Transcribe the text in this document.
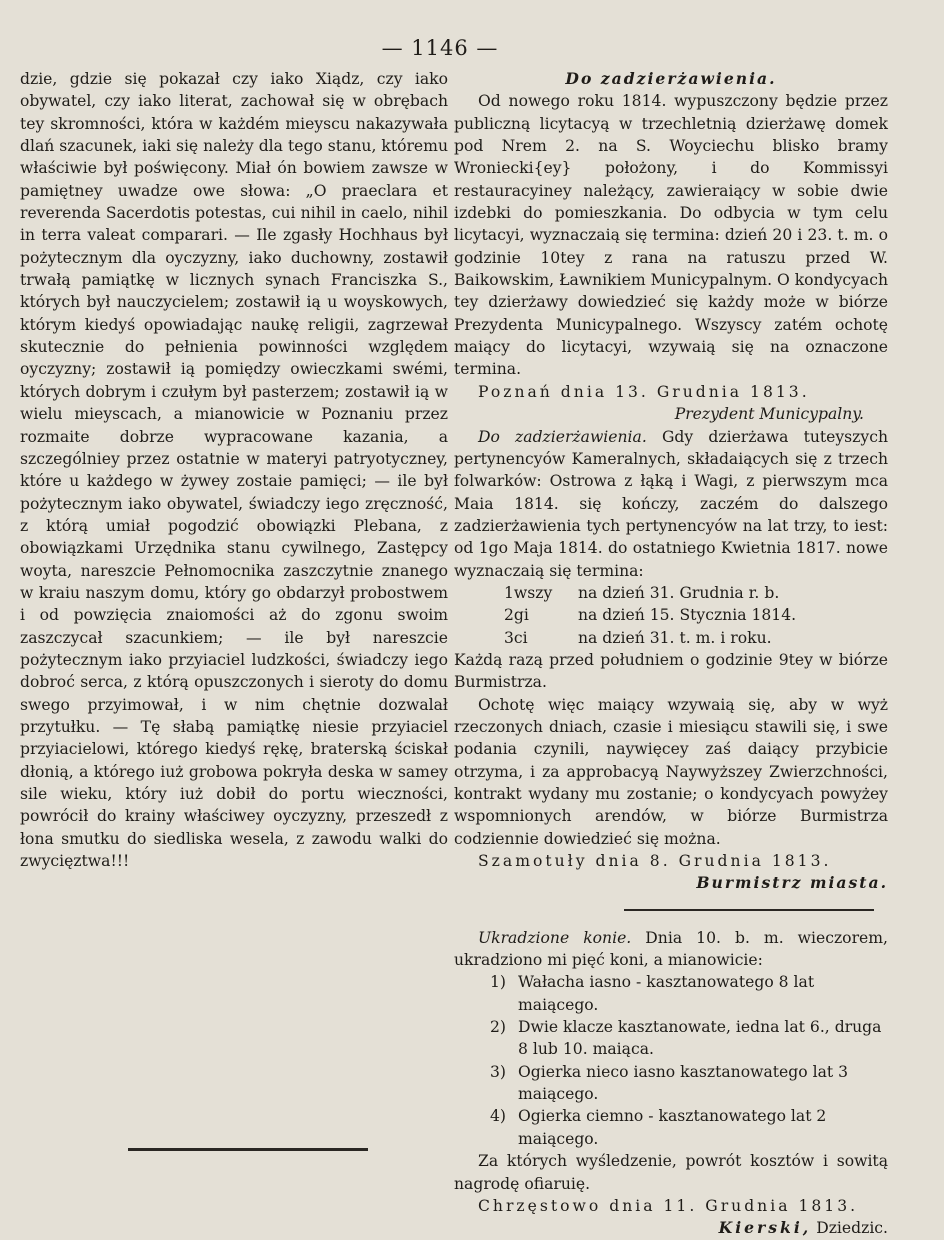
— 1146 —

dzie, gdzie się pokazał czy iako Xiądz, czy iako obywatel, czy iako literat, zachował się w obrębach tey skromności, która w każdém mieyscu nakazywała dlań szacunek, iaki się należy dla tego stanu, któremu właściwie był poświęcony. Miał ón bowiem zawsze w pamiętney uwadze owe słowa: „O praeclara et reverenda Sacerdotis potestas, cui nihil in caelo, nihil in terra valeat comparari. — Ile zgasły Hochhaus był pożytecznym dla oyczyzny, iako duchowny, zostawił trwałą pamiątkę w licznych synach Franciszka S., których był nauczycielem; zostawił ią u woyskowych, którym kiedyś opowiadając naukę religii, zagrzewał skutecznie do pełnienia powinności względem oyczyzny; zostawił ią pomiędzy owieczkami swémi, których dobrym i czułym był pasterzem; zostawił ią w wielu mieyscach, a mianowicie w Poznaniu przez rozmaite dobrze wypracowane kazania, a szczególniey przez ostatnie w materyi patryotyczney, które u każdego w żywey zostaie pamięci; — ile był pożytecznym iako obywatel, świadczy iego zręczność, z którą umiał pogodzić obowiązki Plebana, z obowiązkami Urzędnika stanu cywilnego, Zastępcy woyta, nareszcie Pełnomocnika zaszczytnie znanego w kraiu naszym domu, który go obdarzył probostwem i od powzięcia znaiomości aż do zgonu swoim zaszczycał szacunkiem; — ile był nareszcie pożytecznym iako przyiaciel ludzkości, świadczy iego dobroć serca, z którą opuszczonych i sieroty do domu swego przyimował, i w nim chętnie dozwalał przytułku. — Tę słabą pamiątkę niesie przyiaciel przyiacielowi, którego kiedyś rękę, braterską ściskał dłonią, a którego iuż grobowa pokryła deska w samey sile wieku, który iuż dobił do portu wieczności, powrócił do krainy właściwey oyczyzny, przeszedł z łona smutku do siedliska wesela, z zawodu walki do zwycięztwa!!!

Do zadzierżawienia.

Od nowego roku 1814. wypuszczony będzie przez publiczną licytacyą w trzechletnią dzierżawę domek pod Nrem 2. na S. Woyciechu blisko bramy Wroniecki{ey} położony, i do Kommissyi restauracyiney należący, zawieraiący w sobie dwie izdebki do pomieszkania. Do odbycia w tym celu licytacyi, wyznaczaią się termina: dzień 20 i 23. t. m. o godzinie 10tey z rana na ratuszu przed W. Baikowskim, Ławnikiem Municypalnym. O kondycyach tey dzierżawy dowiedzieć się każdy może w biórze Prezydenta Municypalnego. Wszyscy zatém ochotę maiący do licytacyi, wzywaią się na oznaczone termina.

Poznań dnia 13. Grudnia 1813.

Prezydent Municypalny.

Do zadzierżawienia. Gdy dzierżawa tuteyszych pertynencyów Kameralnych, składaiących się z trzech folwarków: Ostrowa z łąką i Wagi, z pierwszym mca Maia 1814. się kończy, zaczém do dalszego zadzierżawienia tych pertynencyów na lat trzy, to iest: od 1go Maja 1814. do ostatniego Kwietnia 1817. nowe wyznaczaią się termina:

1wszy na dzień 31. Grudnia r. b.

2gi	na dzień 15. Stycznia 1814.

3ci	na dzień 31. t. m. i roku.

Każdą razą przed południem o godzinie 9tey w biórze Burmistrza.

Ochotę więc maiący wzywaią się, aby w wyż rzeczonych dniach, czasie i miesiącu stawili się, i swe podania czynili, naywięcey zaś daiący przybicie otrzyma, i za approbacyą Naywyższey Zwierzchności, kontrakt wydany mu zostanie; o kondycyach powyżey wspomnionych arendów, w biórze Burmistrza codziennie dowiedzieć się można.

Szamotuły dnia 8. Grudnia 1813.

Burmistrz miasta.

Ukradzione konie. Dnia 10. b. m. wieczorem, ukradziono mi pięć koni, a mianowicie:

1) Wałacha iasno - kasztanowatego 8 lat maiącego.
2) Dwie klacze kasztanowate, iedna lat 6., druga 8 lub 10. maiąca.
3) Ogierka nieco iasno kasztanowatego lat 3 maiącego.
4) Ogierka ciemno - kasztanowatego lat 2 maiącego.

Za których wyśledzenie, powrót kosztów i sowitą nagrodę ofiaruię.

Chrzęstowo dnia 11. Grudnia 1813.

Kierski, Dziedzic.
